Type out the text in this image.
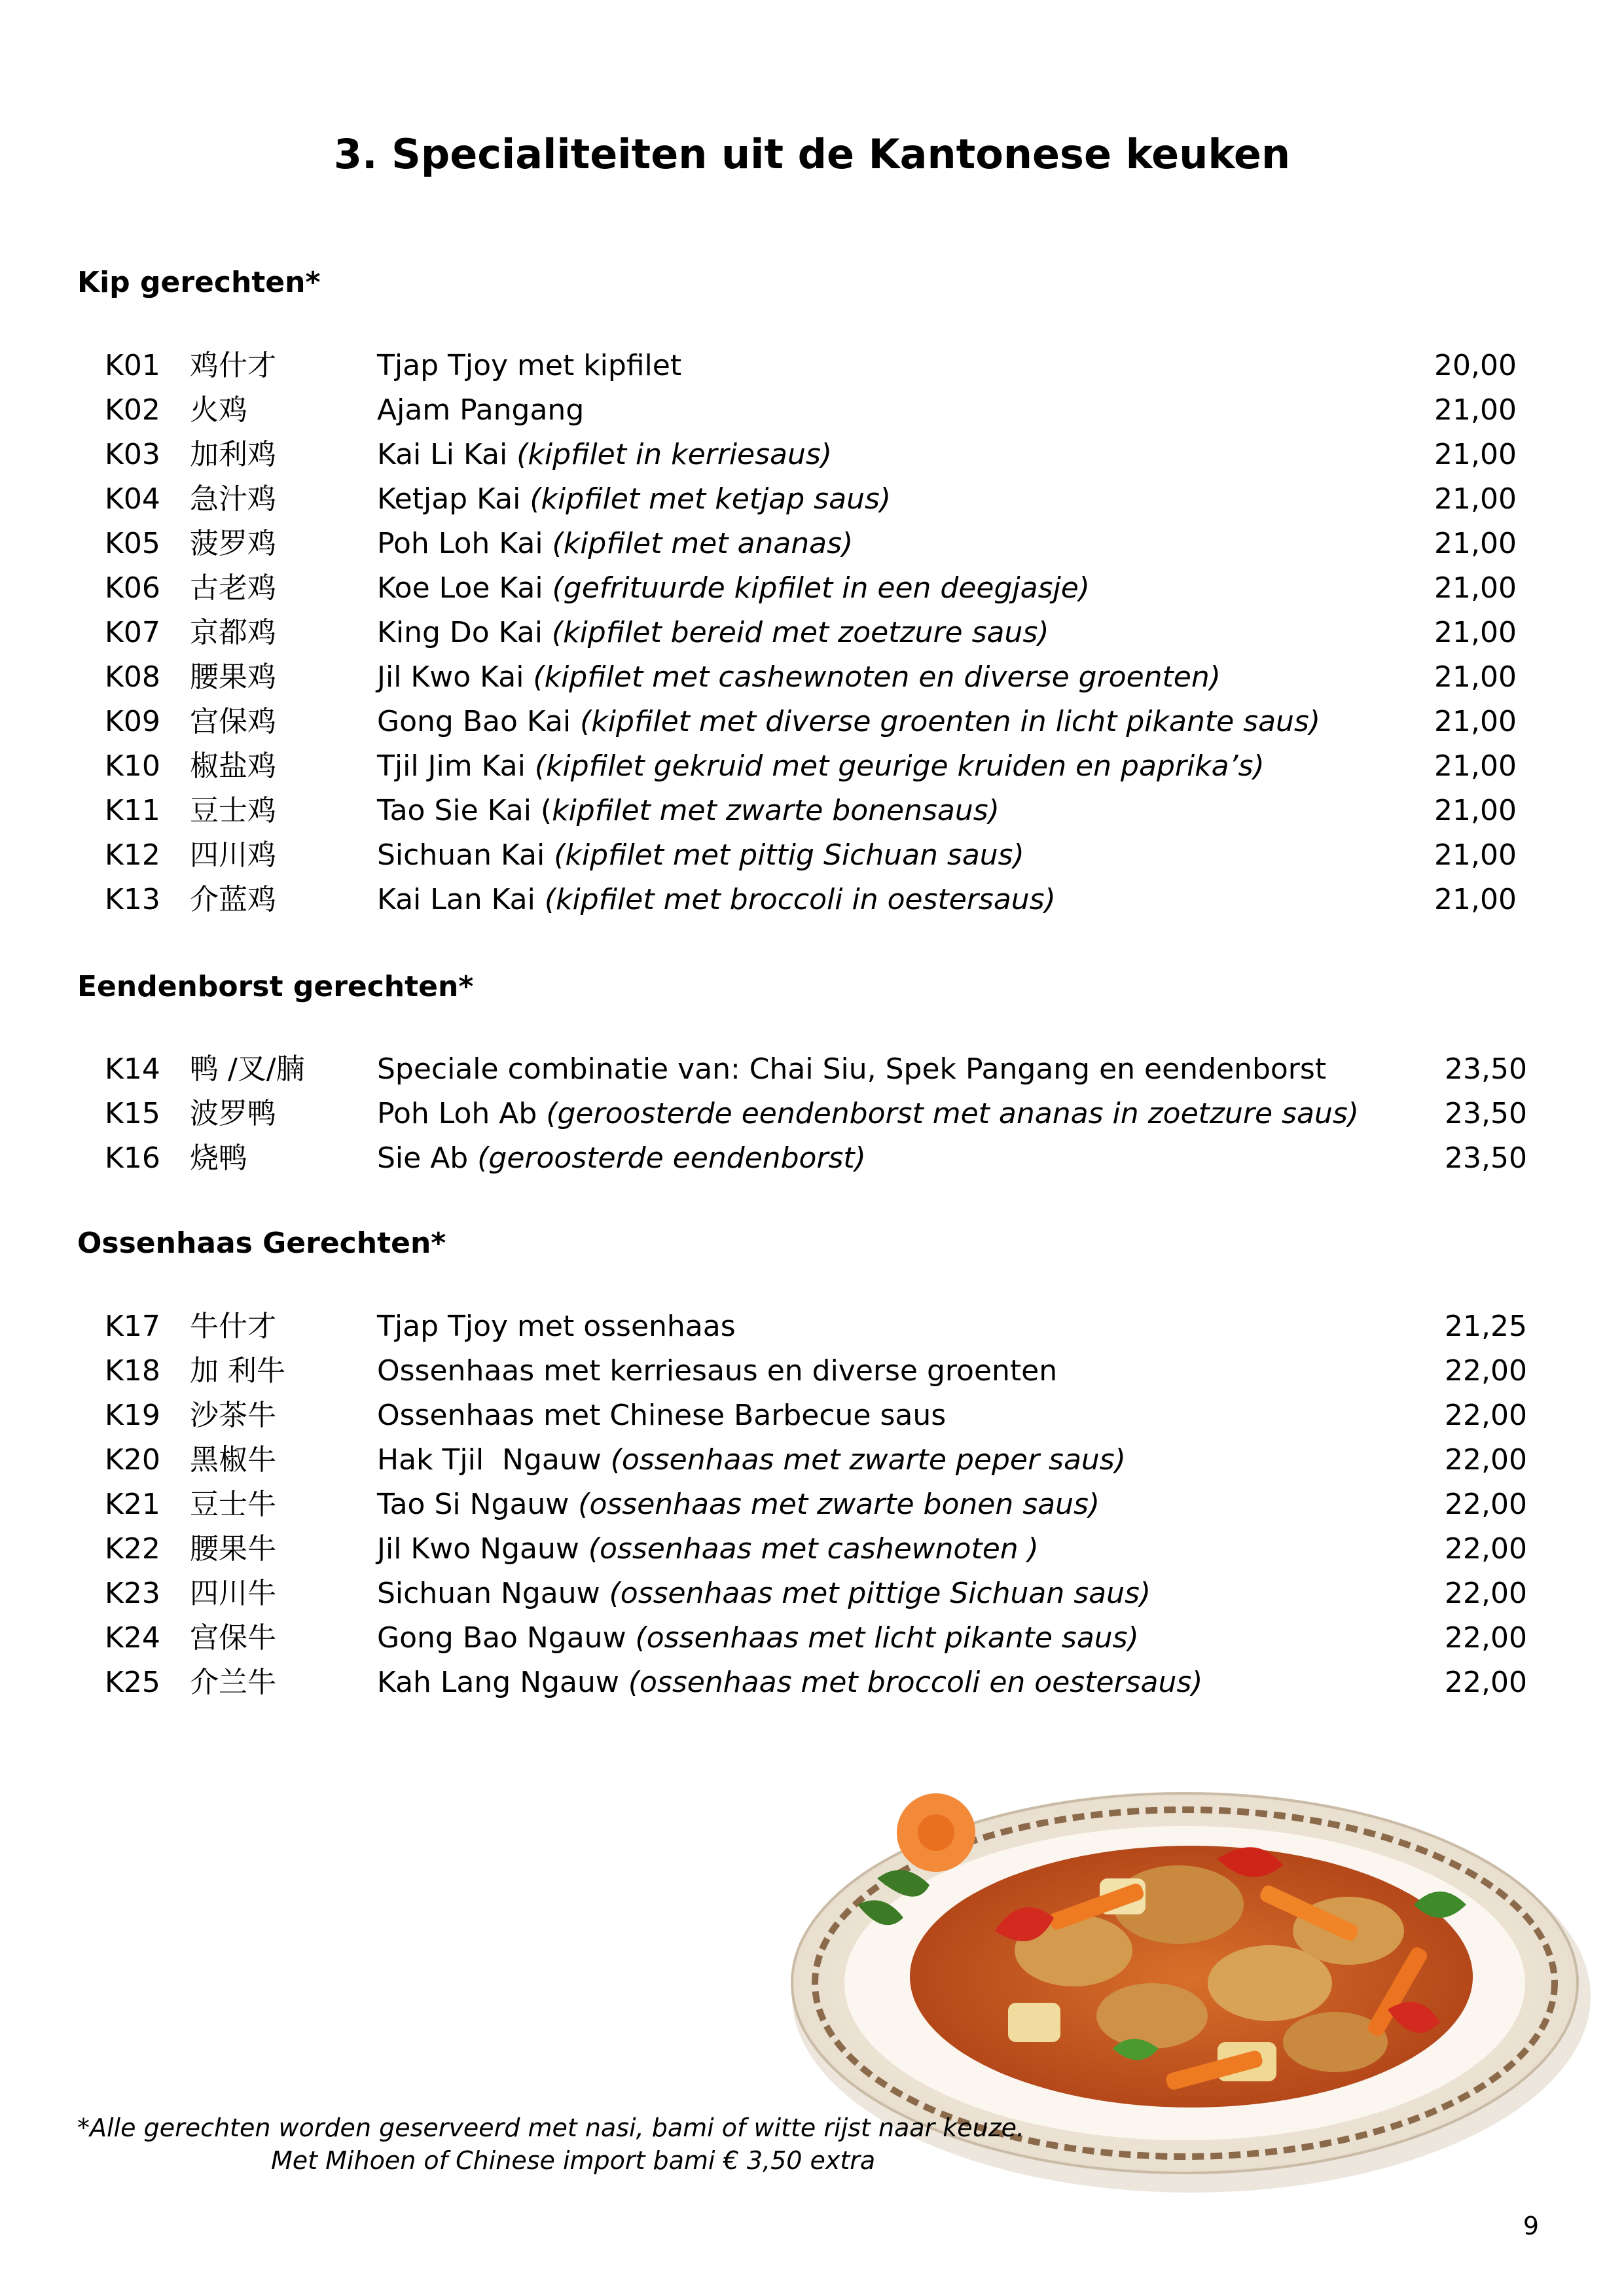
3. Specialiteiten uit de Kantonese keuken
Kip gerechten*
K01 鸡什才	Tjap Tjoy met kipfilet	20,00
K02 火鸡	Ajam Pangang	21,00
K03 加利鸡	Kai Li Kai (kipfilet in kerriesaus)	21,00
K04 急汁鸡	Ketjap Kai (kipfilet met ketjap saus)	21,00
K05 菠罗鸡	Poh Loh Kai (kipfilet met ananas)	21,00
K06 古老鸡	Koe Loe Kai (gefrituurde kipfilet in een deegjasje)	21,00
K07 京都鸡	King Do Kai (kipfilet bereid met zoetzure saus)	21,00
K08 腰果鸡	Jil Kwo Kai (kipfilet met cashewnoten en diverse groenten)	21,00
K09 宫保鸡	Gong Bao Kai (kipfilet met diverse groenten in licht pikante saus)	21,00
K10 椒盐鸡	Tjil Jim Kai (kipfilet gekruid met geurige kruiden en paprika’s)	21,00
K11 豆士鸡	Tao Sie Kai (kipfilet met zwarte bonensaus)	21,00
K12 四川鸡	Sichuan Kai (kipfilet met pittig Sichuan saus)	21,00
K13 介蓝鸡	Kai Lan Kai (kipfilet met broccoli in oestersaus)	21,00
Eendenborst gerechten*
K14 鸭 /叉/腩	Speciale combinatie van: Chai Siu, Spek Pangang en eendenborst	23,50
K15 波罗鸭	Poh Loh Ab (geroosterde eendenborst met ananas in zoetzure saus)	23,50
K16 烧鸭	Sie Ab (geroosterde eendenborst)	23,50
Ossenhaas Gerechten*
K17 牛什才	Tjap Tjoy met ossenhaas	21,25
K18 加 利牛	Ossenhaas met kerriesaus en diverse groenten	22,00
K19 沙茶牛	Ossenhaas met Chinese Barbecue saus	22,00
K20 黑椒牛	Hak Tjil  Ngauw (ossenhaas met zwarte peper saus)	22,00
K21 豆士牛	Tao Si Ngauw (ossenhaas met zwarte bonen saus)	22,00
K22 腰果牛	Jil Kwo Ngauw (ossenhaas met cashewnoten )	22,00
K23 四川牛	Sichuan Ngauw (ossenhaas met pittige Sichuan saus)	22,00
K24 宫保牛	Gong Bao Ngauw (ossenhaas met licht pikante saus)	22,00
K25 介兰牛	Kah Lang Ngauw (ossenhaas met broccoli en oestersaus)	22,00
*Alle gerechten worden geserveerd met nasi, bami of witte rijst naar keuze.
Met Mihoen of Chinese import bami € 3,50 extra
9
